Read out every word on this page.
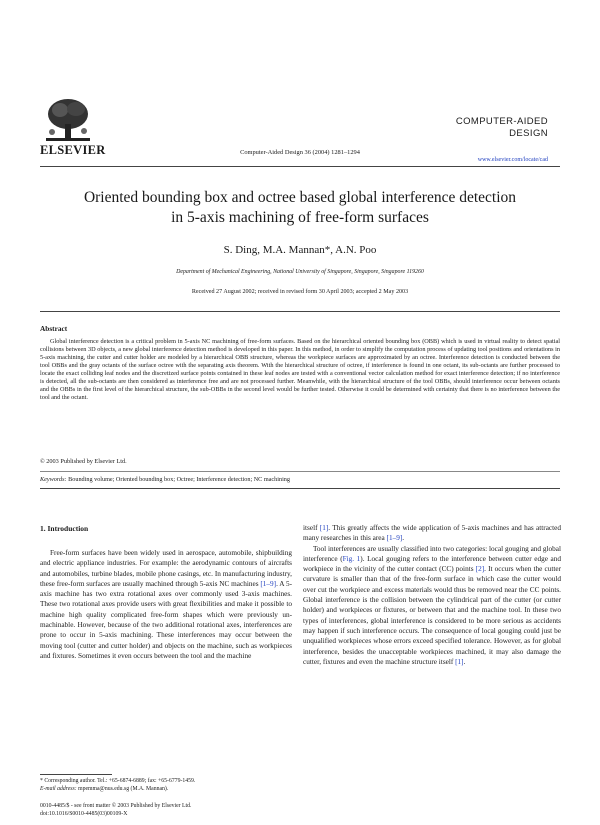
ELSEVIER	Computer-Aided Design 36 (2004) 1281–1294
COMPUTER-AIDED
DESIGN
www.elsevier.com/locate/cad
Oriented bounding box and octree based global interference detection
in 5-axis machining of free-form surfaces
S. Ding, M.A. Mannan*, A.N. Poo
Department of Mechanical Engineering, National University of Singapore, Singapore, Singapore 119260
Received 27 August 2002; received in revised form 30 April 2003; accepted 2 May 2003
Abstract
Global interference detection is a critical problem in 5-axis NC machining of free-form surfaces. Based on the hierarchical oriented bounding box (OBB) which is used in virtual reality to detect spatial collisions between 3D objects, a new global interference detection method is developed in this paper. In this method, in order to simplify the computation process of updating tool positions and orientations in 5-axis machining, the cutter and cutter holder are modeled by a hierarchical OBB structure, whereas the workpiece surfaces are approximated by an octree. Interference detection is conducted between the tool OBBs and the gray octants of the surface octree with the separating axis theorem. With the hierarchical structure of octree, if interference is found in one octant, its sub-octants are further processed to locate the exact colliding leaf nodes and the discretized surface points contained in these leaf nodes are tested with a conventional vector calculation method for exact interference detection; if no interference is detected, all the sub-octants are then considered as interference free and are not processed further. Meanwhile, with the hierarchical structure of the tool OBBs, should interference occur between octants and the OBBs in the first level of the hierarchical structure, the sub-OBBs in the second level would be further tested. Otherwise it could be determined with certainty that there is no interference between the tool and the octant.
© 2003 Published by Elsevier Ltd.
Keywords: Bounding volume; Oriented bounding box; Octree; Interference detection; NC machining
1. Introduction
Free-form surfaces have been widely used in aerospace, automobile, shipbuilding and electric appliance industries. For example: the aerodynamic contours of aircrafts and automobiles, turbine blades, mobile phone casings, etc. In manufacturing industry, these free-form surfaces are usually machined through 5-axis NC machines [1–9]. A 5-axis machine has two extra rotational axes over commonly used 3-axis machines. These two rotational axes provide users with great flexibilities and make it possible to machine high quality complicated free-form shapes which were previously un-machinable. However, because of the two additional rotational axes, interferences are prone to occur in 5-axis machining. These interferences may occur between the moving tool (cutter and cutter holder) and objects on the machine, such as workpieces and fixtures. Sometimes it even occurs between the tool and the machine
itself [1]. This greatly affects the wide application of 5-axis machines and has attracted many researches in this area [1–9].
Tool interferences are usually classified into two categories: local gouging and global interference (Fig. 1). Local gouging refers to the interference between cutter edge and workpiece in the vicinity of the cutter contact (CC) points [2]. It occurs when the cutter curvature is smaller than that of the free-form surface in which case the cutter would over cut the workpiece and excess materials would thus be removed near the CC points. Global interference is the collision between the cylindrical part of the cutter (or cutter holder) and workpieces or fixtures, or between that and the machine tool. In these two types of interferences, global interference is considered to be more serious as accidents may happen if such interference occurs. The consequence of local gouging could just be unqualified workpieces whose errors exceed specified tolerance. However, as for global interference, besides the unacceptable workpieces machined, it may also damage the cutter, fixtures and even the machine structure itself [1].
* Corresponding author. Tel.: +65-6874-6889; fax: +65-6779-1459.
E-mail address: mpemma@nus.edu.sg (M.A. Mannan).
0010-4485/$ - see front matter © 2003 Published by Elsevier Ltd.
doi:10.1016/S0010-4485(03)00109-X
